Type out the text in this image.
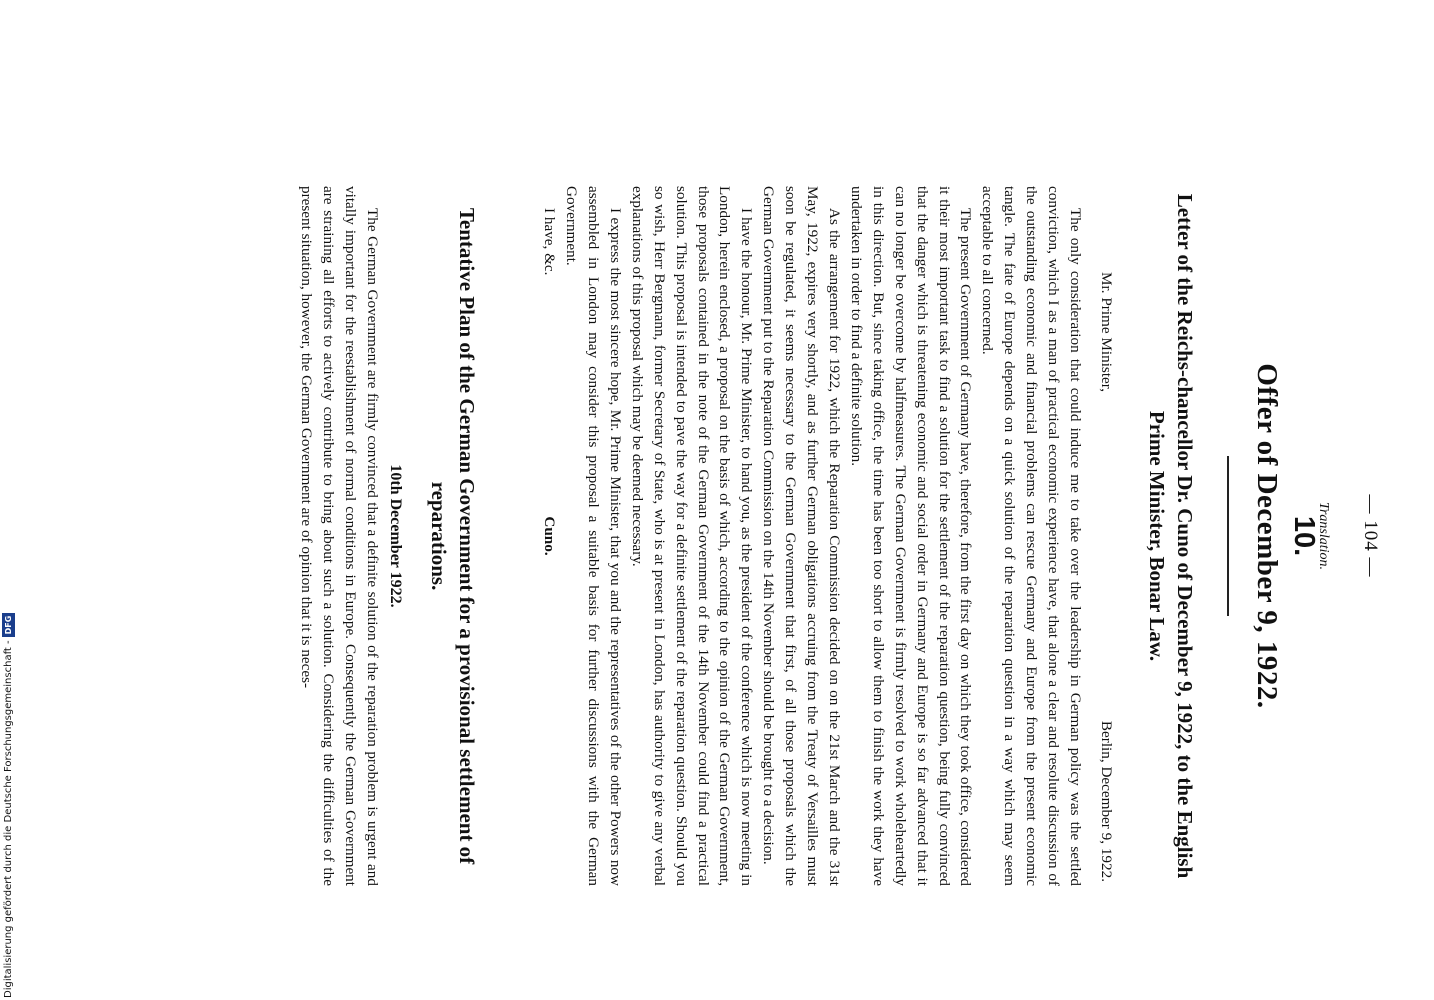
— 104 —
Translation.
10.
Offer of December 9, 1922.
Letter of the Reichs-chancellor Dr. Cuno of December 9, 1922, to the English Prime Minister, Bonar Law.
Mr. Prime Minister,
Berlin, December 9, 1922.

The only consideration that could induce me to take over the leadership in German policy was the settled conviction, which I as a man of practical economic experience have, that alone a clear and resolute discussion of the outstanding economic and financial problems can rescue Germany and Europe from the present economic tangle. The fate of Europe depends on a quick solution of the reparation question in a way which may seem acceptable to all concerned.

The present Government of Germany have, therefore, from the first day on which they took office, considered it their most important task to find a solution for the settlement of the reparation question, being fully convinced that the danger which is threatening economic and social order in Germany and Europe is so far advanced that it can no longer be overcome by halfmeasures. The German Government is firmly resolved to work wholeheartedly in this direction. But, since taking office, the time has been too short to allow them to finish the work they have undertaken in order to find a definite solution.

As the arrangement for 1922, which the Reparation Commission decided on on the 21st March and the 31st May, 1922, expires very shortly, and as further German obligations accruing from the Treaty of Versailles must soon be regulated, it seems necessary to the German Government that first, of all those proposals which the German Government put to the Reparation Commission on the 14th November should be brought to a decision.

I have the honour, Mr. Prime Minister, to hand you, as the president of the conference which is now meeting in London, herein enclosed, a proposal on the basis of which, according to the opinion of the German Government, those proposals contained in the note of the German Government of the 14th November could find a practical solution. This proposal is intended to pave the way for a definite settlement of the reparation question. Should you so wish, Herr Bergmann, former Secretary of State, who is at present in London, has authority to give any verbal explanations of this proposal which may be deemed necessary.

I express the most sincere hope, Mr. Prime Minister, that you and the representatives of the other Powers now assembled in London may consider this proposal a suitable basis for further discussions with the German Government.

I have, &c.
Cuno.
Tentative Plan of the German Government for a provisional settlement of reparations.
10th December 1922.

The German Government are firmly convinced that a definite solution of the reparation problem is urgent and vitally important for the reestablishment of normal conditions in Europe. Consequently the German Government are straining all efforts to actively contribute to bring about such a solution. Considering the difficulties of the present situation, however, the German Government are of opinion that it is neces-

Digitalisierung gefördert durch die Deutsche Forschungsgemeinschaft -
DFG
